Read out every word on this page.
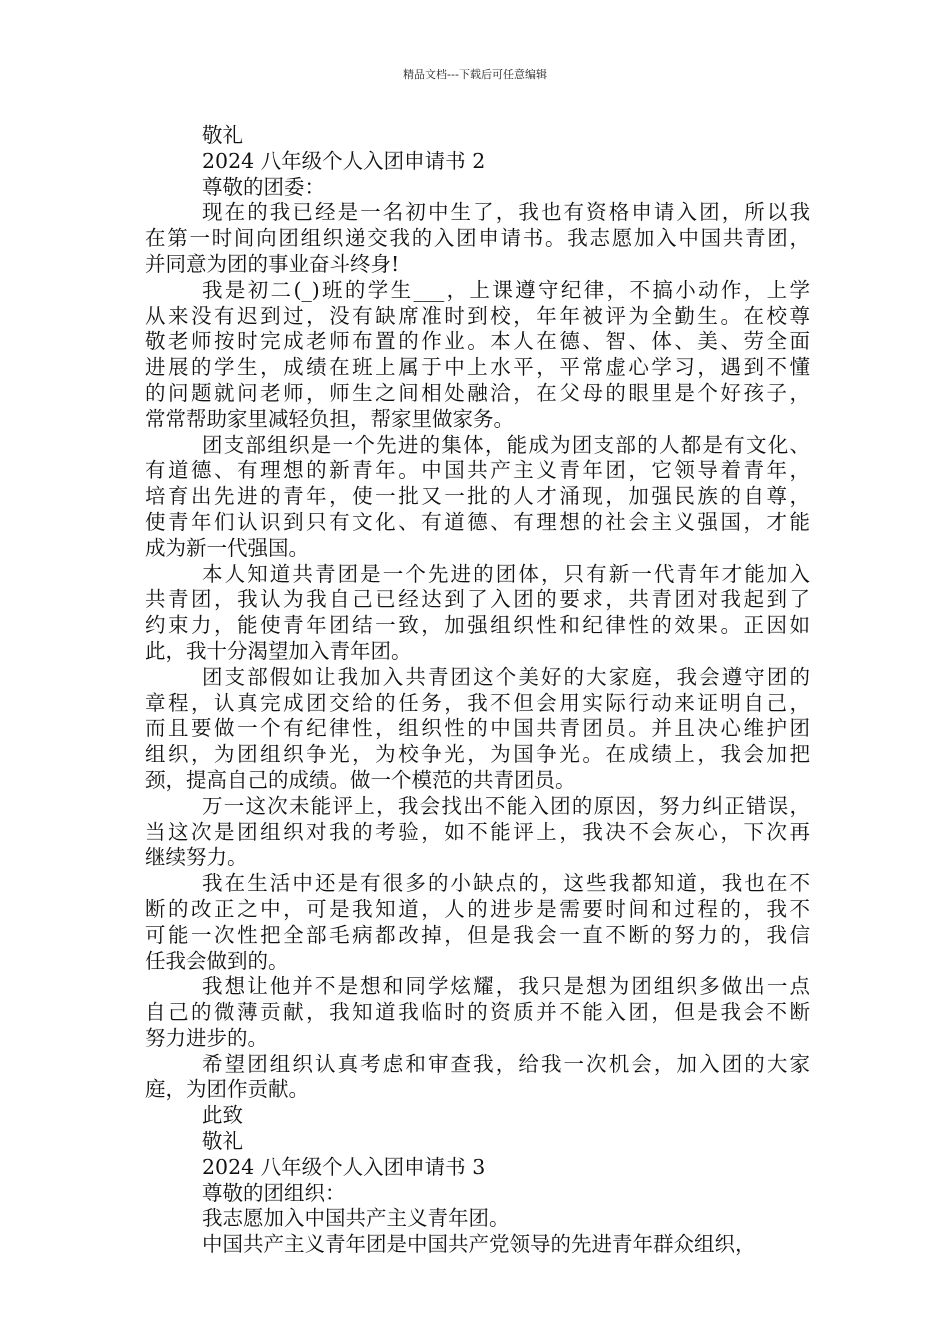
精品文档---下载后可任意编辑
敬礼
2024 八年级个人入团申请书 2
尊敬的团委：
现在的我已经是一名初中生了，我也有资格申请入团，所以我
在第一时间向团组织递交我的入团申请书。我志愿加入中国共青团，
并同意为团的事业奋斗终身!
我是初二(_)班的学生___，上课遵守纪律，不搞小动作，上学
从来没有迟到过，没有缺席准时到校，年年被评为全勤生。在校尊
敬老师按时完成老师布置的作业。本人在德、智、体、美、劳全面
进展的学生，成绩在班上属于中上水平，平常虚心学习，遇到不懂
的问题就问老师，师生之间相处融洽，在父母的眼里是个好孩子，
常常帮助家里减轻负担，帮家里做家务。
团支部组织是一个先进的集体，能成为团支部的人都是有文化、
有道德、有理想的新青年。中国共产主义青年团，它领导着青年，
培育出先进的青年，使一批又一批的人才涌现，加强民族的自尊，
使青年们认识到只有文化、有道德、有理想的社会主义强国，才能
成为新一代强国。
本人知道共青团是一个先进的团体，只有新一代青年才能加入
共青团，我认为我自己已经达到了入团的要求，共青团对我起到了
约束力，能使青年团结一致，加强组织性和纪律性的效果。正因如
此，我十分渴望加入青年团。
团支部假如让我加入共青团这个美好的大家庭，我会遵守团的
章程，认真完成团交给的任务，我不但会用实际行动来证明自己，
而且要做一个有纪律性，组织性的中国共青团员。并且决心维护团
组织，为团组织争光，为校争光，为国争光。在成绩上，我会加把
颈，提高自己的成绩。做一个模范的共青团员。
万一这次未能评上，我会找出不能入团的原因，努力纠正错误，
当这次是团组织对我的考验，如不能评上，我决不会灰心，下次再
继续努力。
我在生活中还是有很多的小缺点的，这些我都知道，我也在不
断的改正之中，可是我知道，人的进步是需要时间和过程的，我不
可能一次性把全部毛病都改掉，但是我会一直不断的努力的，我信
任我会做到的。
我想让他并不是想和同学炫耀，我只是想为团组织多做出一点
自己的微薄贡献，我知道我临时的资质并不能入团，但是我会不断
努力进步的。
希望团组织认真考虑和审查我，给我一次机会，加入团的大家
庭，为团作贡献。
此致
敬礼
2024 八年级个人入团申请书 3
尊敬的团组织：
我志愿加入中国共产主义青年团。
中国共产主义青年团是中国共产党领导的先进青年群众组织，
